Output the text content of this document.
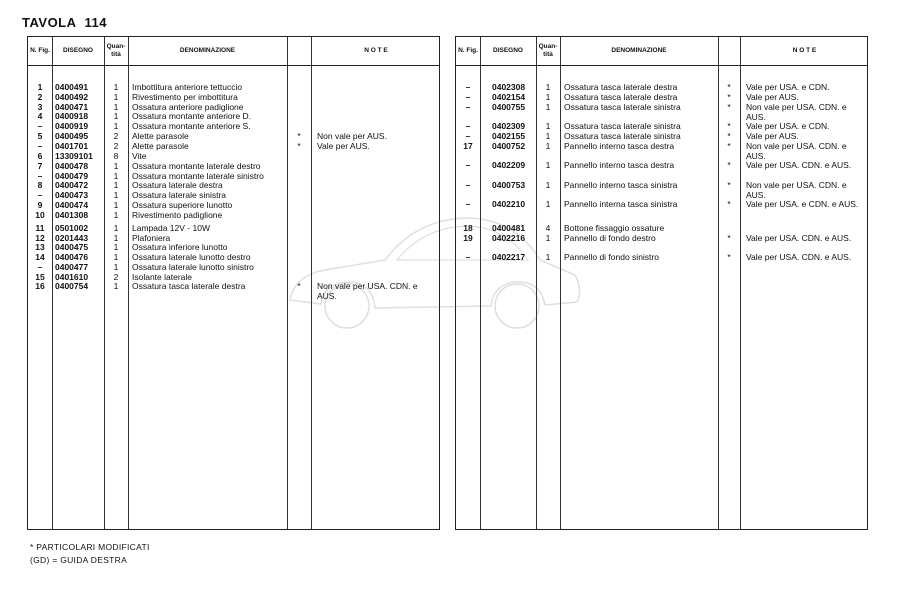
TAVOLA 114
N. Fig.	DISEGNO
Quan-tità
DENOMINAZIONE	N O T E
1	0400491	1	Imbottitura anteriore tettuccio
2	0400492	1	Rivestimento per imbottitura
3	0400471	1	Ossatura anteriore padiglione
4	0400918	1	Ossatura montante anteriore D.
–	0400919	1	Ossatura montante anteriore S.
5	0400495	2	Alette parasole	*	Non vale per AUS.
–	0401701	2	Alette parasole	*	Vale per AUS.
6	13309101	8	Vite
7	0400478	1	Ossatura montante laterale destro
–	0400479	1	Ossatura montante laterale sinistro
8	0400472	1	Ossatura laterale destra
–	0400473	1	Ossatura laterale sinistra
9	0400474	1	Ossatura superiore lunotto
10	0401308	1	Rivestimento padiglione
11	0501002	1	Lampada 12V - 10W
12	0201443	1	Plafoniera
13	0400475	1	Ossatura inferiore lunotto
14	0400476	1	Ossatura laterale lunotto destro
–	0400477	1	Ossatura laterale lunotto sinistro
15	0401610	2	Isolante laterale
16	0400754	1	Ossatura tasca laterale destra	*	Non vale per USA. CDN. e AUS.
N. Fig.	DISEGNO
Quan-tità
DENOMINAZIONE	N O T E
–	0402308	1	Ossatura tasca laterale destra	*	Vale per USA. e CDN.
–	0402154	1	Ossatura tasca laterale destra	*	Vale per AUS.
–	0400755	1	Ossatura tasca laterale sinistra	*	Non vale per USA. CDN. e AUS.
–	0402309	1	Ossatura tasca laterale sinistra	*	Vale per USA. e CDN.
–	0402155	1	Ossatura tasca laterale sinistra	*	Vale per AUS.
17	0400752	1	Pannello interno tasca destra	*	Non vale per USA. CDN. e AUS.
–	0402209	1	Pannello interno tasca destra	*	Vale per USA. CDN. e AUS.
–	0400753	1	Pannello interno tasca sinistra	*	Non vale per USA. CDN. e AUS.
–	0402210	1	Pannello interna tasca sinistra	*	Vale per USA. e CDN. e AUS.
18	0400481	4	Bottone fissaggio ossature
19	0402216	1	Pannello di fondo destro	*	Vale per USA. CDN. e AUS.
–	0402217	1	Pannello di fondo sinistro	*	Vale per USA. CDN. e AUS.
* PARTICOLARI MODIFICATI
(GD) = GUIDA DESTRA
